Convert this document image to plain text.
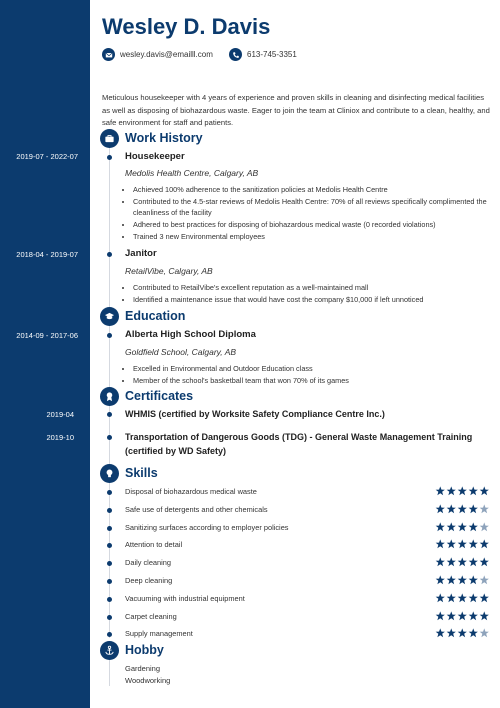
Wesley D. Davis
wesley.davis@emailll.com	613-745-3351

Meticulous housekeeper with 4 years of experience and proven skills in cleaning and disinfecting medical facilities as well as disposing of biohazardous waste. Eager to join the team at Cliniox and contribute to a clean, healthy, and safe environment for staff and patients.

Work History
2019-07 - 2022-07	Housekeeper
Medolis Health Centre, Calgary, AB
• Achieved 100% adherence to the sanitization policies at Medolis Health Centre
• Contributed to the 4.5-star reviews of Medolis Health Centre: 70% of all reviews specifically complimented the cleanliness of the facility
• Adhered to best practices for disposing of biohazardous medical waste (0 recorded violations)
• Trained 3 new Environmental employees
2018-04 - 2019-07	Janitor
RetailVibe, Calgary, AB
• Contributed to RetailVibe's excellent reputation as a well-maintained mall
• Identified a maintenance issue that would have cost the company $10,000 if left unnoticed
Education
2014-09 - 2017-06	Alberta High School Diploma
Goldfield School, Calgary, AB
• Excelled in Environmental and Outdoor Education class
• Member of the school's basketball team that won 70% of its games
Certificates
2019-04	WHMIS (certified by Worksite Safety Compliance Centre Inc.)
2019-10	Transportation of Dangerous Goods (TDG) - General Waste Management Training (certified by WD Safety)
Skills
Disposal of biohazardous medical waste
Safe use of detergents and other chemicals
Sanitizing surfaces according to employer policies
Attention to detail
Daily cleaning
Deep cleaning
Vacuuming with industrial equipment
Carpet cleaning
Supply management
Hobby
Gardening
Woodworking
